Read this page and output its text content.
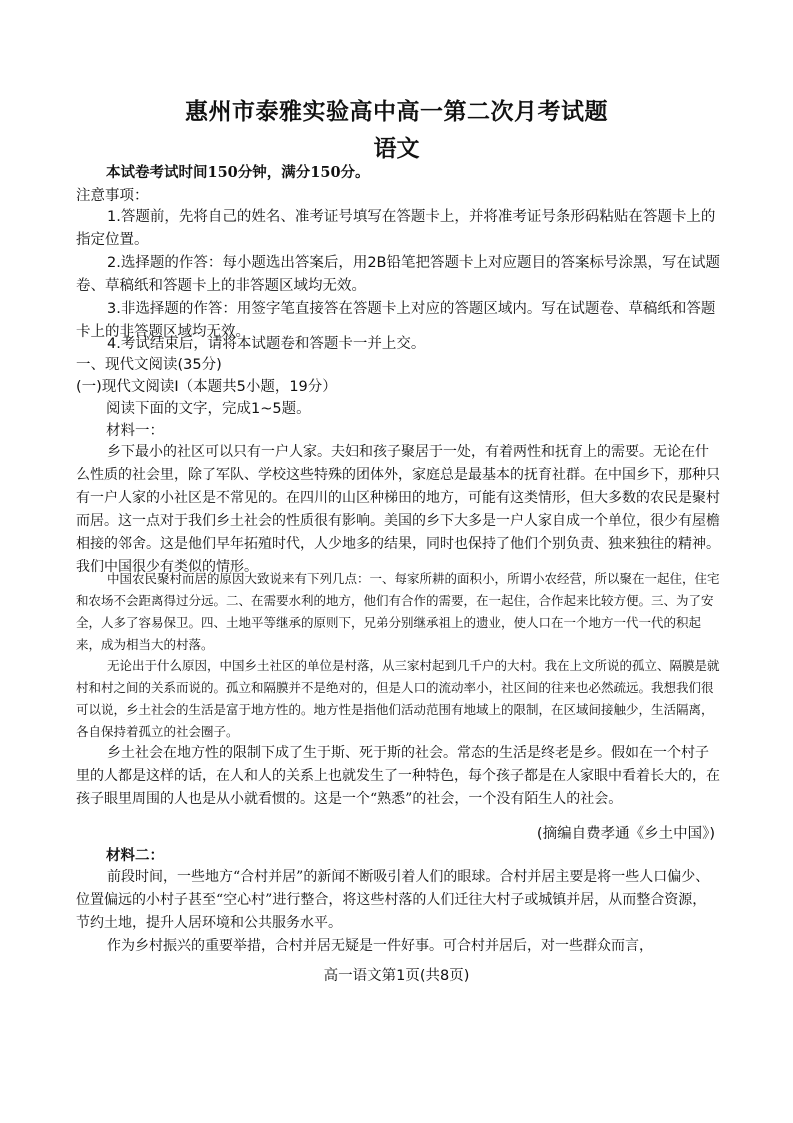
惠州市泰雅实验高中高一第二次月考试题
语文
本试卷考试时间150分钟，满分150分。
注意事项：
1.答题前，先将自己的姓名、准考证号填写在答题卡上，并将准考证号条形码粘贴在答题卡上的指定位置。
2.选择题的作答：每小题选出答案后，用2B铅笔把答题卡上对应题目的答案标号涂黑，写在试题卷、草稿纸和答题卡上的非答题区域均无效。
3.非选择题的作答：用签字笔直接答在答题卡上对应的答题区域内。写在试题卷、草稿纸和答题卡上的非答题区域均无效。
4.考试结束后，请将本试题卷和答题卡一并上交。
一、现代文阅读(35分)
(一)现代文阅读I（本题共5小题，19分）
阅读下面的文字，完成1~5题。
材料一：
乡下最小的社区可以只有一户人家。夫妇和孩子聚居于一处，有着两性和抚育上的需要。无论在什么性质的社会里，除了军队、学校这些特殊的团体外，家庭总是最基本的抚育社群。在中国乡下，那种只有一户人家的小社区是不常见的。在四川的山区种梯田的地方，可能有这类情形，但大多数的农民是聚村而居。这一点对于我们乡土社会的性质很有影响。美国的乡下大多是一户人家自成一个单位，很少有屋檐相接的邻舍。这是他们早年拓殖时代，人少地多的结果，同时也保持了他们个别负责、独来独往的精神。我们中国很少有类似的情形。
中国农民聚村而居的原因大致说来有下列几点：一、每家所耕的面积小，所谓小农经营，所以聚在一起住，住宅和农场不会距离得过分远。二、在需要水利的地方，他们有合作的需要，在一起住，合作起来比较方便。三、为了安全，人多了容易保卫。四、土地平等继承的原则下，兄弟分别继承祖上的遗业，使人口在一个地方一代一代的积起来，成为相当大的村落。
无论出于什么原因，中国乡土社区的单位是村落，从三家村起到几千户的大村。我在上文所说的孤立、隔膜是就村和村之间的关系而说的。孤立和隔膜并不是绝对的，但是人口的流动率小，社区间的往来也必然疏远。我想我们很可以说，乡土社会的生活是富于地方性的。地方性是指他们活动范围有地域上的限制，在区域间接触少，生活隔离，各自保持着孤立的社会圈子。
乡土社会在地方性的限制下成了生于斯、死于斯的社会。常态的生活是终老是乡。假如在一个村子里的人都是这样的话，在人和人的关系上也就发生了一种特色，每个孩子都是在人家眼中看着长大的，在孩子眼里周围的人也是从小就看惯的。这是一个“熟悉”的社会，一个没有陌生人的社会。
(摘编自费孝通《乡土中国》)
材料二：
前段时间，一些地方“合村并居”的新闻不断吸引着人们的眼球。合村并居主要是将一些人口偏少、位置偏远的小村子甚至“空心村”进行整合，将这些村落的人们迁往大村子或城镇并居，从而整合资源，节约土地，提升人居环境和公共服务水平。
作为乡村振兴的重要举措，合村并居无疑是一件好事。可合村并居后，对一些群众而言，
高一语文第1页(共8页)
